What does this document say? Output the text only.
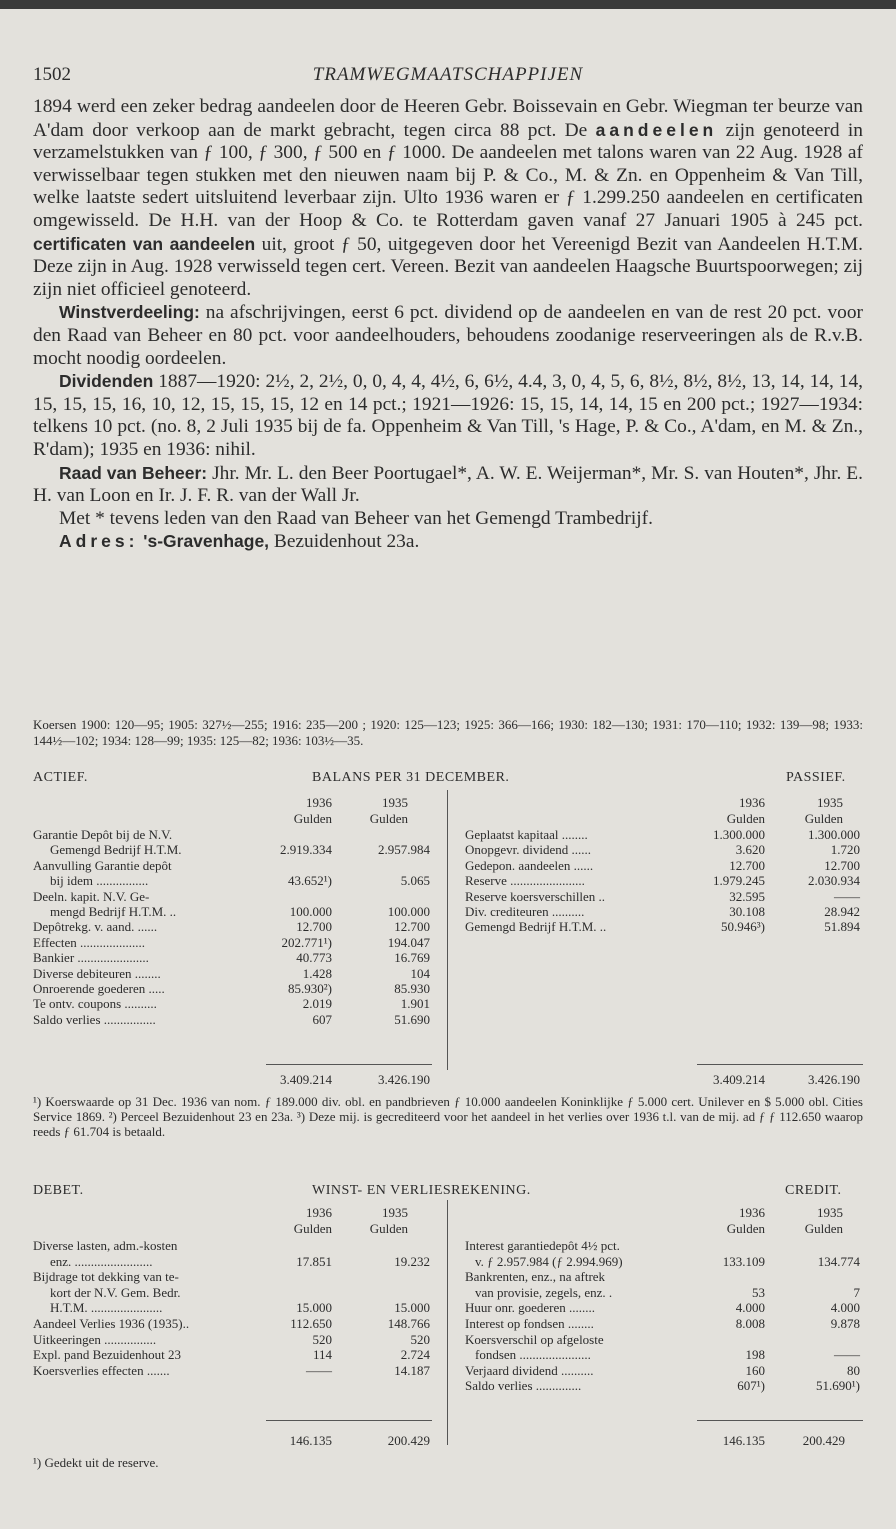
1502	TRAMWEGMAATSCHAPPIJEN

1894 werd een zeker bedrag aandeelen door de Heeren Gebr. Boissevain en Gebr. Wiegman ter beurze van A'dam door verkoop aan de markt gebracht, tegen circa 88 pct. De aandeelen zijn genoteerd in verzamelstukken van ƒ 100, ƒ 300, ƒ 500 en ƒ 1000. De aandeelen met talons waren van 22 Aug. 1928 af verwisselbaar tegen stukken met den nieuwen naam bij P. & Co., M. & Zn. en Oppenheim & Van Till, welke laatste sedert uitsluitend leverbaar zijn. Ulto 1936 waren er ƒ 1.299.250 aandeelen en certificaten omgewisseld. De H.H. van der Hoop & Co. te Rotterdam gaven vanaf 27 Januari 1905 à 245 pct. certificaten van aandeelen uit, groot ƒ 50, uitgegeven door het Vereenigd Bezit van Aandeelen H.T.M. Deze zijn in Aug. 1928 verwisseld tegen cert. Vereen. Bezit van aandeelen Haagsche Buurtspoorwegen; zij zijn niet officieel genoteerd.

Winstverdeeling: na afschrijvingen, eerst 6 pct. dividend op de aandeelen en van de rest 20 pct. voor den Raad van Beheer en 80 pct. voor aandeelhouders, behoudens zoodanige reserveeringen als de R.v.B. mocht noodig oordeelen.

Dividenden 1887—1920: 2½, 2, 2½, 0, 0, 4, 4, 4½, 6, 6½, 4.4, 3, 0, 4, 5, 6, 8½, 8½, 8½, 13, 14, 14, 14, 15, 15, 15, 16, 10, 12, 15, 15, 15, 12 en 14 pct.; 1921—1926: 15, 15, 14, 14, 15 en 200 pct.; 1927—1934: telkens 10 pct. (no. 8, 2 Juli 1935 bij de fa. Oppenheim & Van Till, 's Hage, P. & Co., A'dam, en M. & Zn., R'dam); 1935 en 1936: nihil.

Raad van Beheer: Jhr. Mr. L. den Beer Poortugael*, A. W. E. Weijerman*, Mr. S. van Houten*, Jhr. E. H. van Loon en Ir. J. F. R. van der Wall Jr.

Met * tevens leden van den Raad van Beheer van het Gemengd Trambedrijf.

Adres: 's-Gravenhage, Bezuidenhout 23a.

Koersen 1900: 120—95; 1905: 327½—255; 1916: 235—200 ; 1920: 125—123; 1925: 366—166; 1930: 182—130; 1931: 170—110; 1932: 139—98; 1933: 144½—102; 1934: 128—99; 1935: 125—82; 1936: 103½—35.
ACTIEF.	BALANS PER 31 DECEMBER.	PASSIEF.
1936	1935
Gulden	Gulden
1936	1935
Gulden	Gulden
Garantie Depôt bij de N.V.
Gemengd Bedrijf H.T.M.	2.919.334	2.957.984
Aanvulling Garantie depôt
bij idem ................	43.652¹)	5.065
Deeln. kapit. N.V. Ge-
mengd Bedrijf H.T.M. ..	100.000	100.000
Depôtrekg. v. aand. ......	12.700	12.700
Effecten ....................	202.771¹)	194.047
Bankier ......................	40.773	16.769
Diverse debiteuren ........	1.428	104
Onroerende goederen .....	85.930²)	85.930
Te ontv. coupons ..........	2.019	1.901
Saldo verlies ................	607	51.690
Geplaatst kapitaal ........	1.300.000	1.300.000
Onopgevr. dividend ......	3.620	1.720
Gedepon. aandeelen ......	12.700	12.700
Reserve .......................	1.979.245	2.030.934
Reserve koersverschillen ..	32.595	——
Div. crediteuren ..........	30.108	28.942
Gemengd Bedrijf H.T.M. ..	50.946³)	51.894
3.409.214	3.426.190	3.409.214	3.426.190
¹) Koerswaarde op 31 Dec. 1936 van nom. ƒ 189.000 div. obl. en pandbrieven ƒ 10.000 aandeelen Koninklijke ƒ 5.000 cert. Unilever en $ 5.000 obl. Cities Service 1869. ²) Perceel Bezuidenhout 23 en 23a. ³) Deze mij. is gecrediteerd voor het aandeel in het verlies over 1936 t.l. van de mij. ad ƒ ƒ 112.650 waarop reeds ƒ 61.704 is betaald.
DEBET.	WINST- EN VERLIESREKENING.	CREDIT.
1936	1935
Gulden	Gulden
1936	1935
Gulden	Gulden
Diverse lasten, adm.-kosten
enz. ........................	17.851	19.232
Bijdrage tot dekking van te-
kort der N.V. Gem. Bedr.
H.T.M. ......................	15.000	15.000
Aandeel Verlies 1936 (1935)..	112.650	148.766
Uitkeeringen ................	520	520
Expl. pand Bezuidenhout 23	114	2.724
Koersverlies effecten .......	——	14.187
Interest garantiedepôt 4½ pct.
v. ƒ 2.957.984 (ƒ 2.994.969)	133.109	134.774
Bankrenten, enz., na aftrek
van provisie, zegels, enz. .	53	7
Huur onr. goederen ........	4.000	4.000
Interest op fondsen ........	8.008	9.878
Koersverschil op afgeloste
fondsen ......................	198	——
Verjaard dividend ..........	160	80
Saldo verlies ..............	607¹)	51.690¹)
146.135	200.429	146.135	200.429
¹) Gedekt uit de reserve.
